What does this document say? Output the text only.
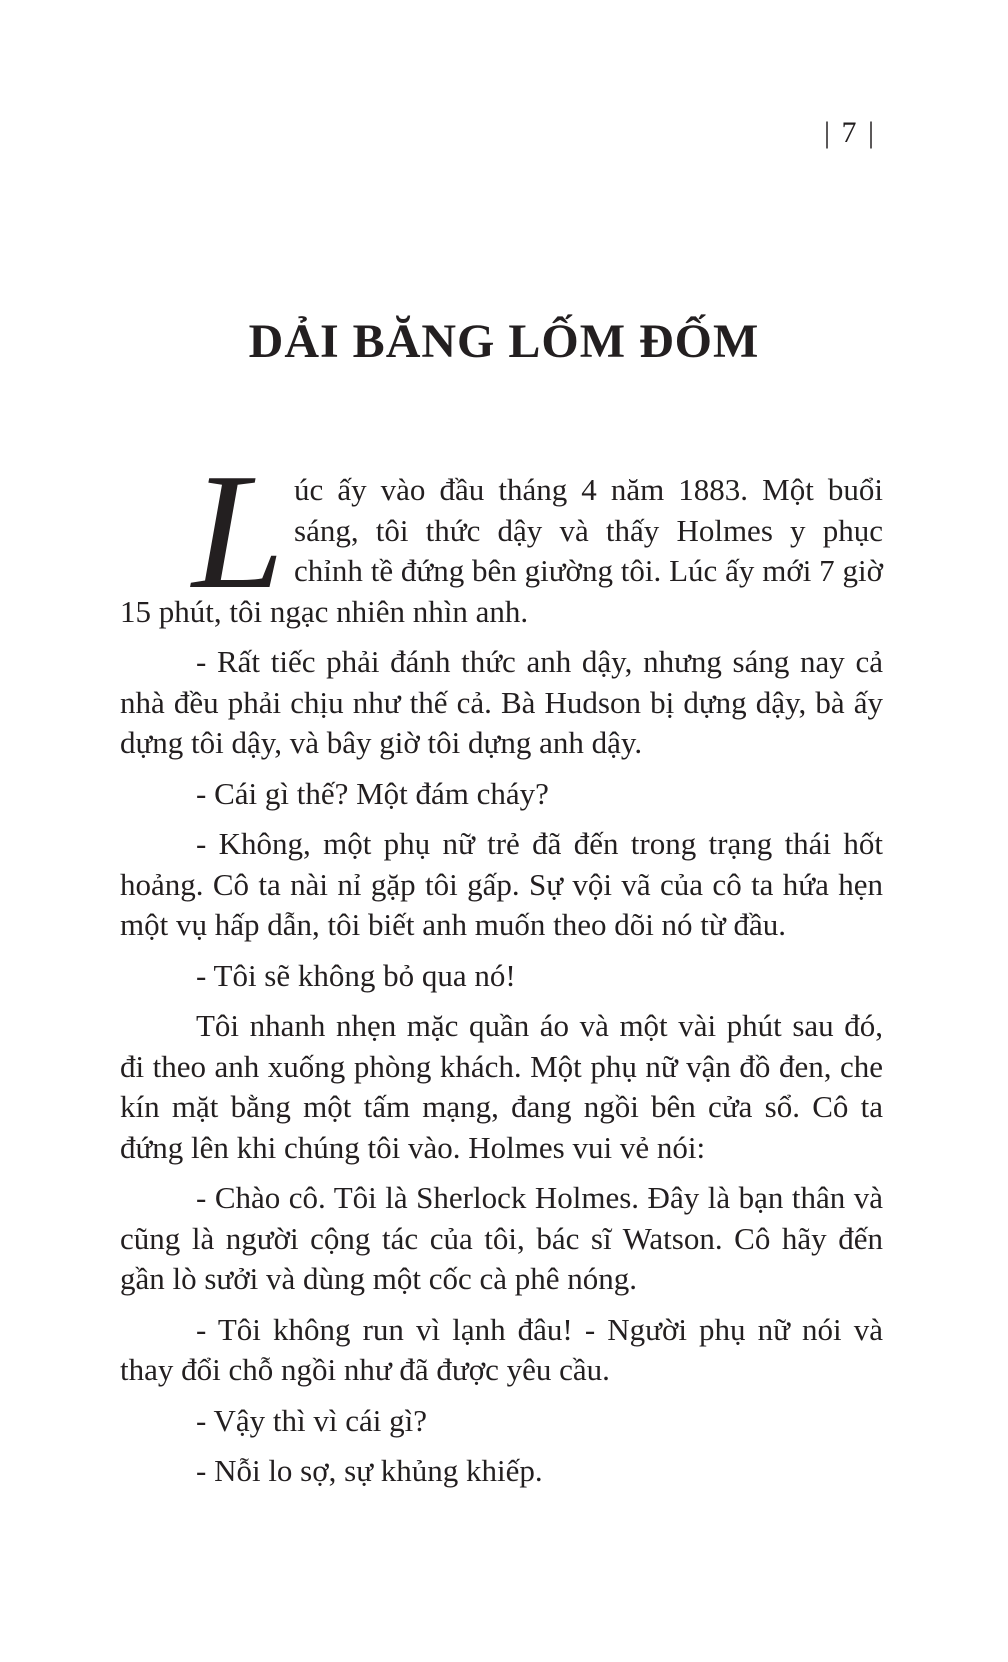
| 7 |

DẢI BĂNG LỐM ĐỐM

Lúc ấy vào đầu tháng 4 năm 1883. Một buổi sáng, tôi thức dậy và thấy Holmes y phục chỉnh tề đứng bên giường tôi. Lúc ấy mới 7 giờ 15 phút, tôi ngạc nhiên nhìn anh.

- Rất tiếc phải đánh thức anh dậy, nhưng sáng nay cả nhà đều phải chịu như thế cả. Bà Hudson bị dựng dậy, bà ấy dựng tôi dậy, và bây giờ tôi dựng anh dậy.

- Cái gì thế? Một đám cháy?

- Không, một phụ nữ trẻ đã đến trong trạng thái hốt hoảng. Cô ta nài nỉ gặp tôi gấp. Sự vội vã của cô ta hứa hẹn một vụ hấp dẫn, tôi biết anh muốn theo dõi nó từ đầu.

- Tôi sẽ không bỏ qua nó!

Tôi nhanh nhẹn mặc quần áo và một vài phút sau đó, đi theo anh xuống phòng khách. Một phụ nữ vận đồ đen, che kín mặt bằng một tấm mạng, đang ngồi bên cửa sổ. Cô ta đứng lên khi chúng tôi vào. Holmes vui vẻ nói:

- Chào cô. Tôi là Sherlock Holmes. Đây là bạn thân và cũng là người cộng tác của tôi, bác sĩ Watson. Cô hãy đến gần lò sưởi và dùng một cốc cà phê nóng.

- Tôi không run vì lạnh đâu! - Người phụ nữ nói và thay đổi chỗ ngồi như đã được yêu cầu.

- Vậy thì vì cái gì?

- Nỗi lo sợ, sự khủng khiếp.
